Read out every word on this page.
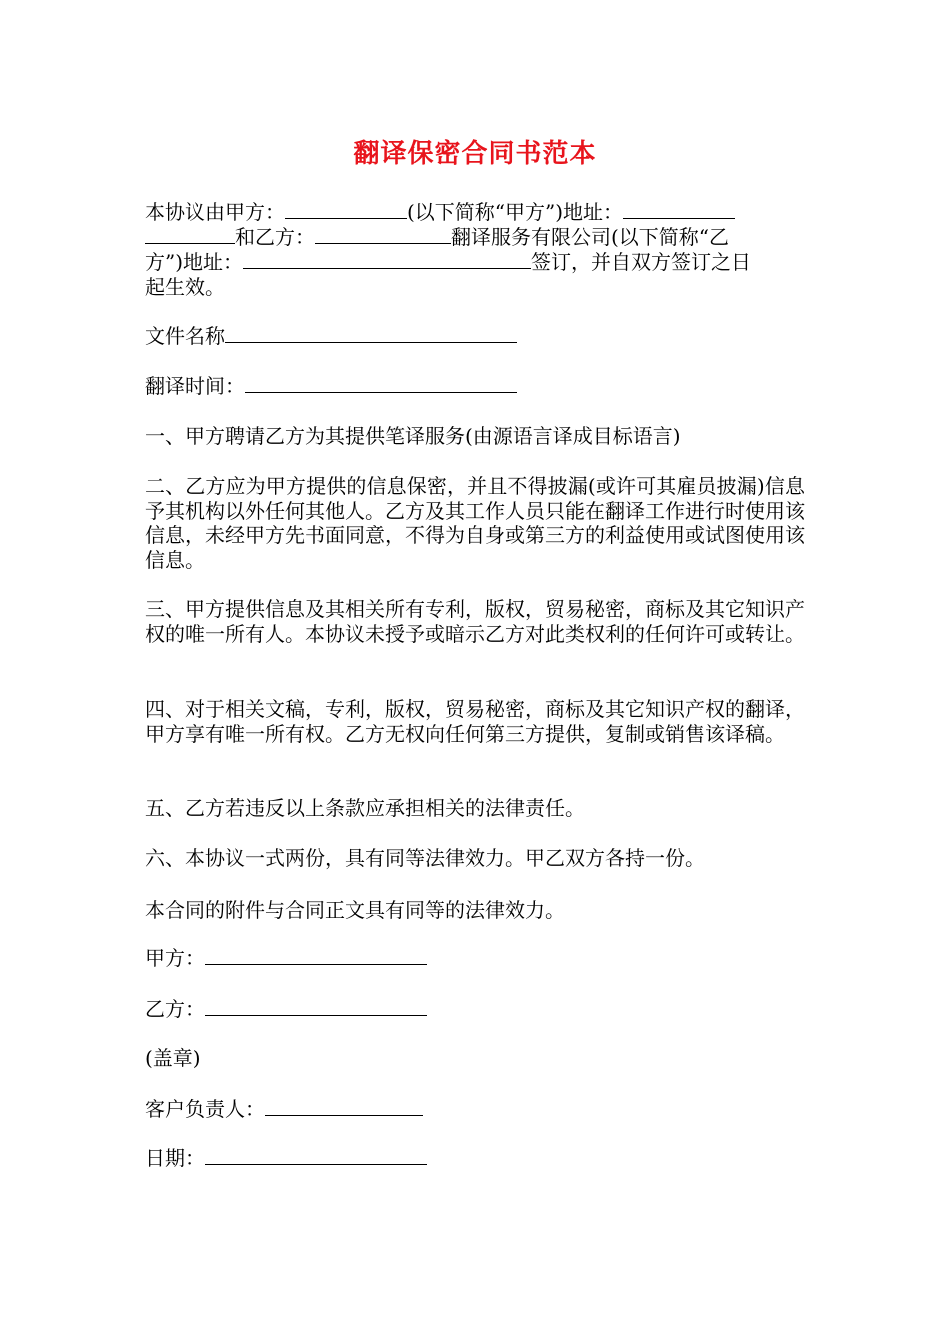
翻译保密合同书范本
本协议由甲方：	(以下简称“甲方”)地址：
和乙方：	翻译服务有限公司(以下简称“乙
方”)地址：	签订，并自双方签订之日
起生效。
文件名称
翻译时间：
一、甲方聘请乙方为其提供笔译服务(由源语言译成目标语言)
二、乙方应为甲方提供的信息保密，并且不得披漏(或许可其雇员披漏)信息予其机构以外任何其他人。乙方及其工作人员只能在翻译工作进行时使用该信息，未经甲方先书面同意，不得为自身或第三方的利益使用或试图使用该信息。
三、甲方提供信息及其相关所有专利，版权，贸易秘密，商标及其它知识产权的唯一所有人。本协议未授予或暗示乙方对此类权利的任何许可或转让。
四、对于相关文稿，专利，版权，贸易秘密，商标及其它知识产权的翻译，甲方享有唯一所有权。乙方无权向任何第三方提供，复制或销售该译稿。
五、乙方若违反以上条款应承担相关的法律责任。
六、本协议一式两份，具有同等法律效力。甲乙双方各持一份。
本合同的附件与合同正文具有同等的法律效力。
甲方：
乙方：
(盖章)
客户负责人：
日期：
